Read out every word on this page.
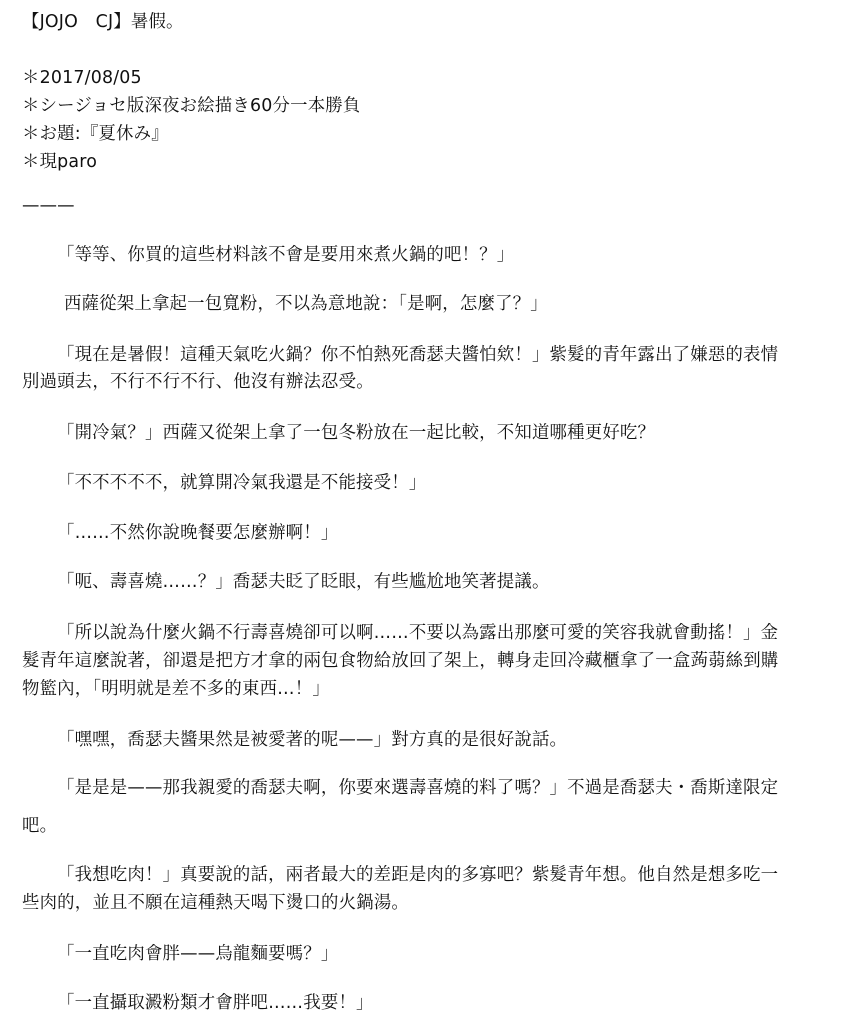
【JOJO　CJ】暑假。

＊2017/08/05

＊シージョセ版深夜お絵描き60分一本勝負

＊お題:『夏休み』

＊現paro

———

「等等、你買的這些材料該不會是要用來煮火鍋的吧！？」

西薩從架上拿起一包寬粉，不以為意地說：「是啊，怎麼了？」

「現在是暑假！這種天氣吃火鍋？你不怕熱死喬瑟夫醬怕欸！」紫髮的青年露出了嫌惡的表情

別過頭去，不行不行不行、他沒有辦法忍受。

「開冷氣？」西薩又從架上拿了一包冬粉放在一起比較，不知道哪種更好吃？

「不不不不不，就算開冷氣我還是不能接受！」

「……不然你說晚餐要怎麼辦啊！」

「呃、壽喜燒……？」喬瑟夫眨了眨眼，有些尴尬地笑著提議。

「所以說為什麼火鍋不行壽喜燒卻可以啊……不要以為露出那麼可愛的笑容我就會動搖！」金

髮青年這麼說著，卻還是把方才拿的兩包食物給放回了架上，轉身走回冷藏櫃拿了一盒蒟蒻絲到購

物籃內，「明明就是差不多的東西…！」

「嘿嘿，喬瑟夫醬果然是被愛著的呢——」對方真的是很好說話。

「是是是——那我親愛的喬瑟夫啊，你要來選壽喜燒的料了嗎？」不過是喬瑟夫・喬斯達限定

吧。

「我想吃肉！」真要說的話，兩者最大的差距是肉的多寡吧？紫髮青年想。他自然是想多吃一

些肉的，並且不願在這種熱天喝下燙口的火鍋湯。

「一直吃肉會胖——烏龍麵要嗎？」

「一直攝取澱粉類才會胖吧……我要！」
